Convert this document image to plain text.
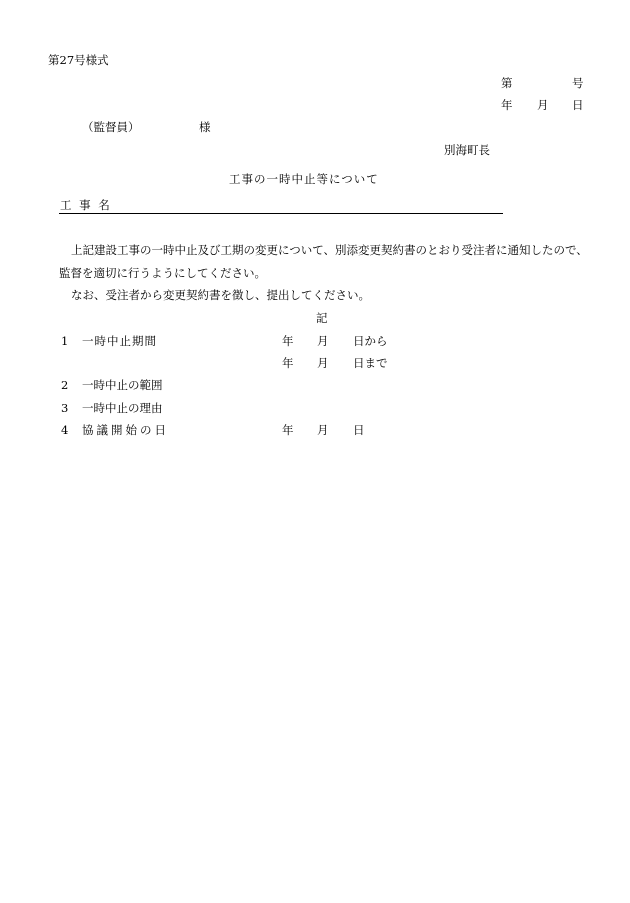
第27号様式
第	号
年 月 日
（監督員）	様
別海町長
工事の一時中止等について
工 事 名
上記建設工事の一時中止及び工期の変更について、別添変更契約書のとおり受注者に通知したので、
監督を適切に行うようにしてください。
なお、受注者から変更契約書を徴し、提出してください。
記
1 一時中止期間	年 月 日から
年 月 日まで
2 一時中止の範囲
3 一時中止の理由
4 協議開始の日	年 月 日
